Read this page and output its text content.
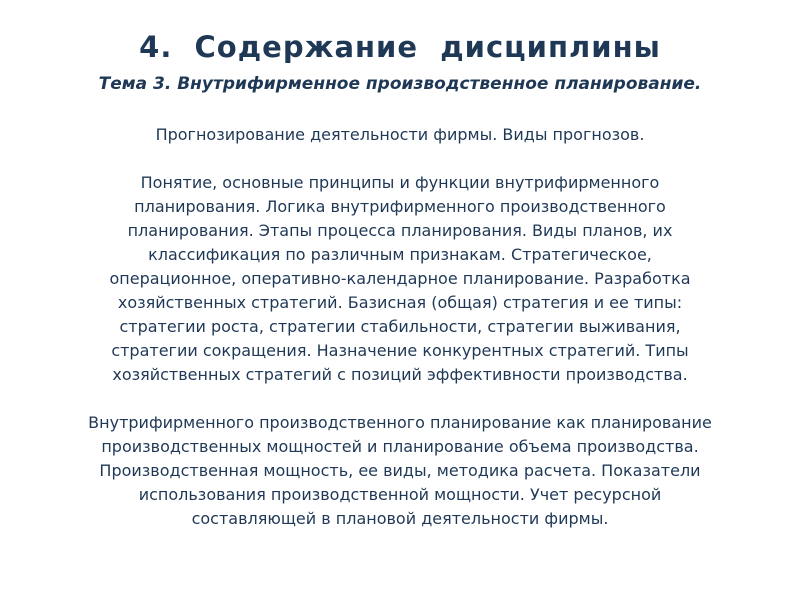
4.  Содержание  дисциплины
Тема 3. Внутрифирменное производственное планирование.
Прогнозирование деятельности фирмы. Виды прогнозов.
Понятие, основные принципы и функции внутрифирменного
планирования. Логика внутрифирменного производственного
планирования. Этапы процесса планирования. Виды планов, их
классификация по различным признакам. Стратегическое,
операционное, оперативно-календарное планирование. Разработка
хозяйственных стратегий. Базисная (общая) стратегия и ее типы:
стратегии роста, стратегии стабильности, стратегии выживания,
стратегии сокращения. Назначение конкурентных стратегий. Типы
хозяйственных стратегий с позиций эффективности производства.
Внутрифирменного производственного планирование как планирование
производственных мощностей и планирование объема производства.
Производственная мощность, ее виды, методика расчета. Показатели
использования производственной мощности. Учет ресурсной
составляющей в плановой деятельности фирмы.
